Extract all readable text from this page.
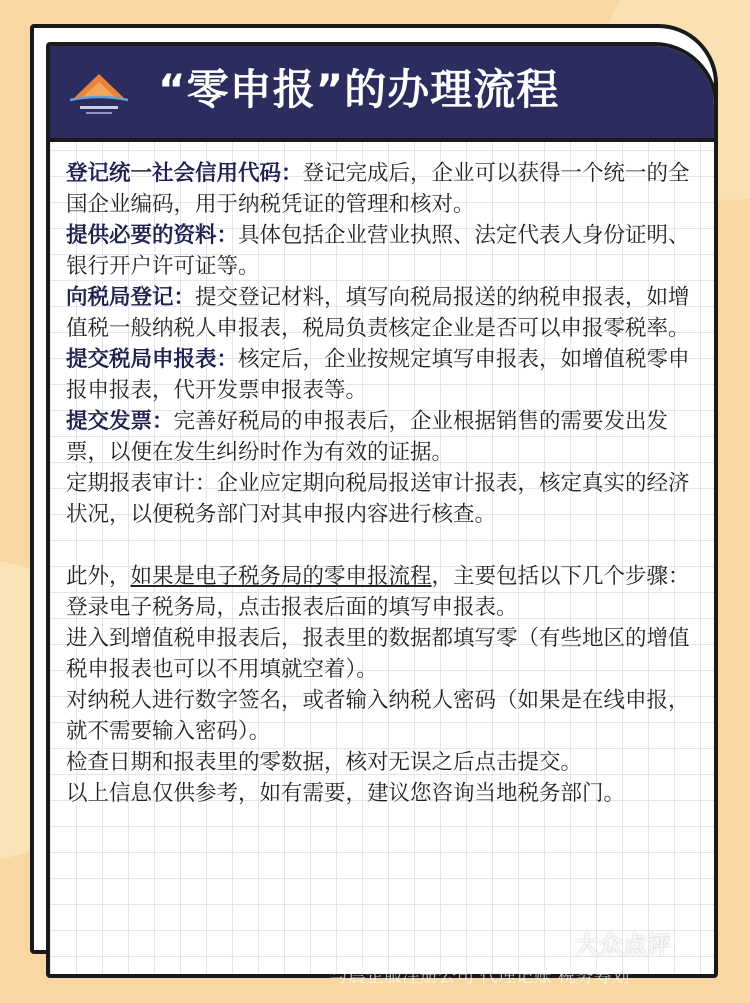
“零申报”的办理流程

登记统一社会信用代码：登记完成后，企业可以获得一个统一的全国企业编码，用于纳税凭证的管理和核对。

提供必要的资料：具体包括企业营业执照、法定代表人身份证明、银行开户许可证等。

向税局登记：提交登记材料，填写向税局报送的纳税申报表，如增值税一般纳税人申报表，税局负责核定企业是否可以申报零税率。

提交税局申报表：核定后，企业按规定填写申报表，如增值税零申报申报表，代开发票申报表等。

提交发票：完善好税局的申报表后，企业根据销售的需要发出发票，以便在发生纠纷时作为有效的证据。

定期报表审计：企业应定期向税局报送审计报表，核定真实的经济状况，以便税务部门对其申报内容进行核查。

此外，如果是电子税务局的零申报流程，主要包括以下几个步骤：

登录电子税务局，点击报表后面的填写申报表。

进入到增值税申报表后，报表里的数据都填写零（有些地区的增值税申报表也可以不用填就空着）。

对纳税人进行数字签名，或者输入纳税人密码（如果是在线申报，就不需要输入密码）。

检查日期和报表里的零数据，核对无误之后点击提交。

以上信息仅供参考，如有需要，建议您咨询当地税务部门。

大众点评
与晨企服注册公司 代理记账 税务筹划
